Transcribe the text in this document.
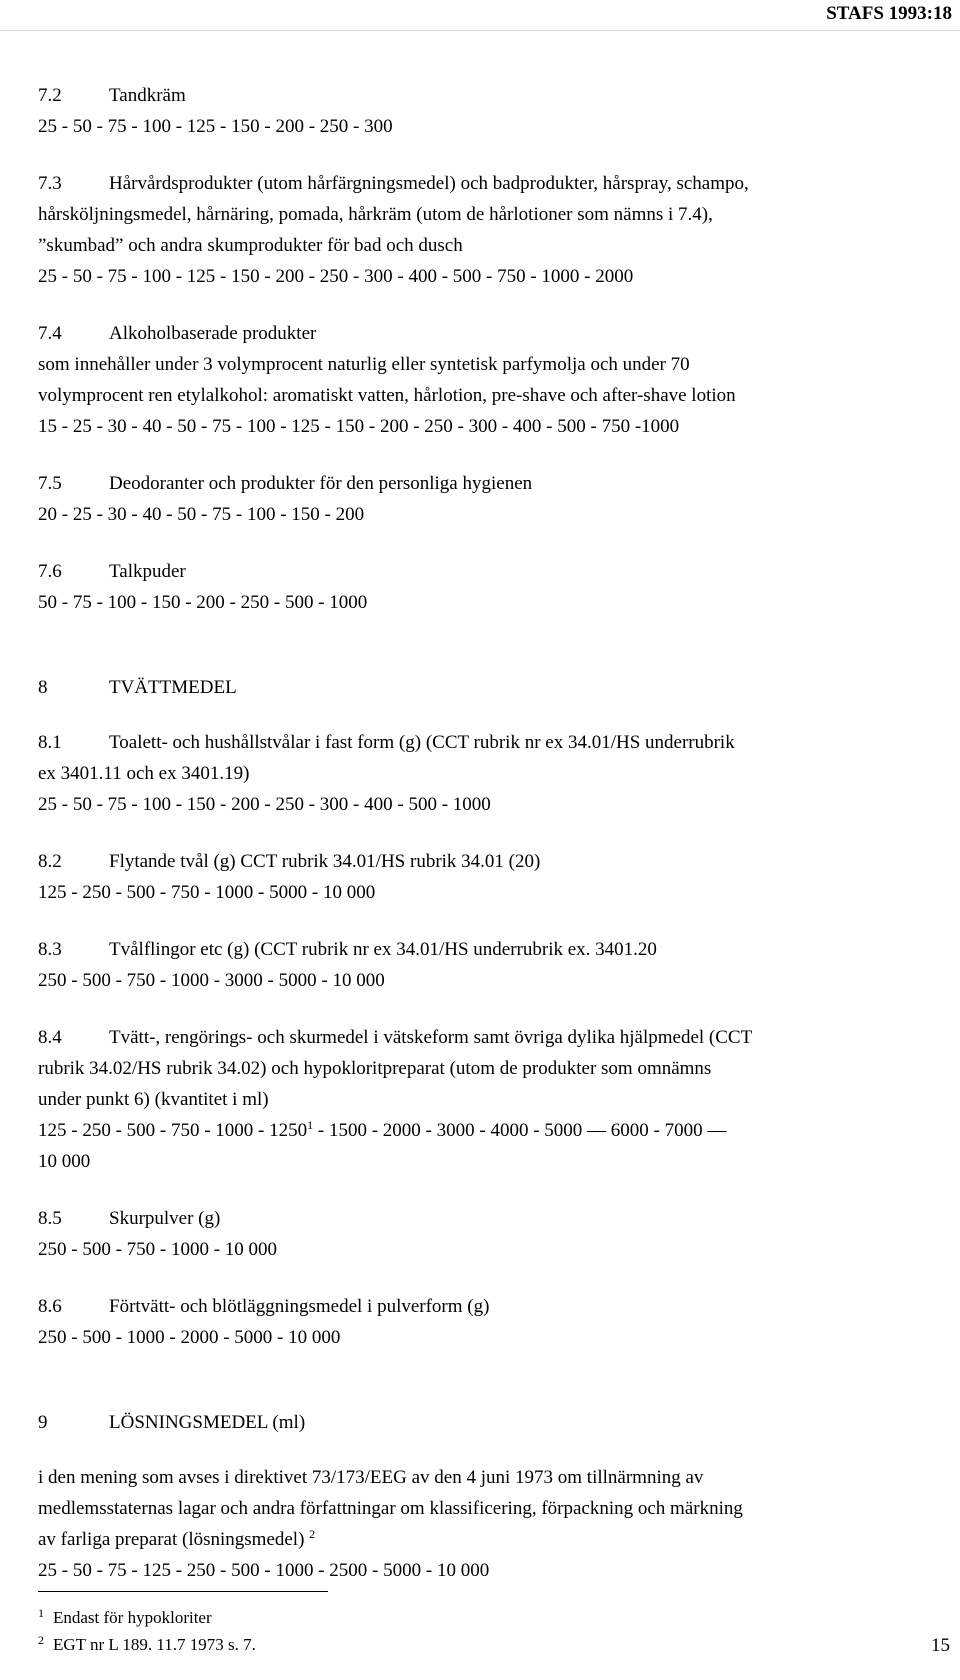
STAFS 1993:18
7.2 Tandkräm
25 - 50 - 75 - 100 - 125 - 150 - 200 - 250 - 300
7.3 Hårvårdsprodukter (utom hårfärgningsmedel) och badprodukter, hårspray, schampo,
hårsköljningsmedel, hårnäring, pomada, hårkräm (utom de hårlotioner som nämns i 7.4),
”skumbad” och andra skumprodukter för bad och dusch
25 - 50 - 75 - 100 - 125 - 150 - 200 - 250 - 300 - 400 - 500 - 750 - 1000 - 2000
7.4 Alkoholbaserade produkter
som innehåller under 3 volymprocent naturlig eller syntetisk parfymolja och under 70
volymprocent ren etylalkohol: aromatiskt vatten, hårlotion, pre-shave och after-shave lotion
15 - 25 - 30 - 40 - 50 - 75 - 100 - 125 - 150 - 200 - 250 - 300 - 400 - 500 - 750 -1000
7.5 Deodoranter och produkter för den personliga hygienen
20 - 25 - 30 - 40 - 50 - 75 - 100 - 150 - 200
7.6 Talkpuder
50 - 75 - 100 - 150 - 200 - 250 - 500 - 1000
8	TVÄTTMEDEL
8.1 Toalett- och hushållstvålar i fast form (g) (CCT rubrik nr ex 34.01/HS underrubrik
ex 3401.11 och ex 3401.19)
25 - 50 - 75 - 100 - 150 - 200 - 250 - 300 - 400 - 500 - 1000
8.2 Flytande tvål (g) CCT rubrik 34.01/HS rubrik 34.01 (20)
125 - 250 - 500 - 750 - 1000 - 5000 - 10 000
8.3 Tvålflingor etc (g) (CCT rubrik nr ex 34.01/HS underrubrik ex. 3401.20
250 - 500 - 750 - 1000 - 3000 - 5000 - 10 000
8.4 Tvätt-, rengörings- och skurmedel i vätskeform samt övriga dylika hjälpmedel (CCT
rubrik 34.02/HS rubrik 34.02) och hypokloritpreparat (utom de produkter som omnämns
under punkt 6) (kvantitet i ml)
125 - 250 - 500 - 750 - 1000 - 1250$^1$ - 1500 - 2000 - 3000 - 4000 - 5000 — 6000 - 7000 —
10 000
8.5 Skurpulver (g)
250 - 500 - 750 - 1000 - 10 000
8.6 Förtvätt- och blötläggningsmedel i pulverform (g)
250 - 500 - 1000 - 2000 - 5000 - 10 000
9	LÖSNINGSMEDEL (ml)
i den mening som avses i direktivet 73/173/EEG av den 4 juni 1973 om tillnärmning av
medlemsstaternas lagar och andra författningar om klassificering, förpackning och märkning
av farliga preparat (lösningsmedel) $^2$
25 - 50 - 75 - 125 - 250 - 500 - 1000 - 2500 - 5000 - 10 000
$^1$ Endast för hypokloriter
$^2$ EGT nr L 189. 11.7 1973 s. 7.	15
